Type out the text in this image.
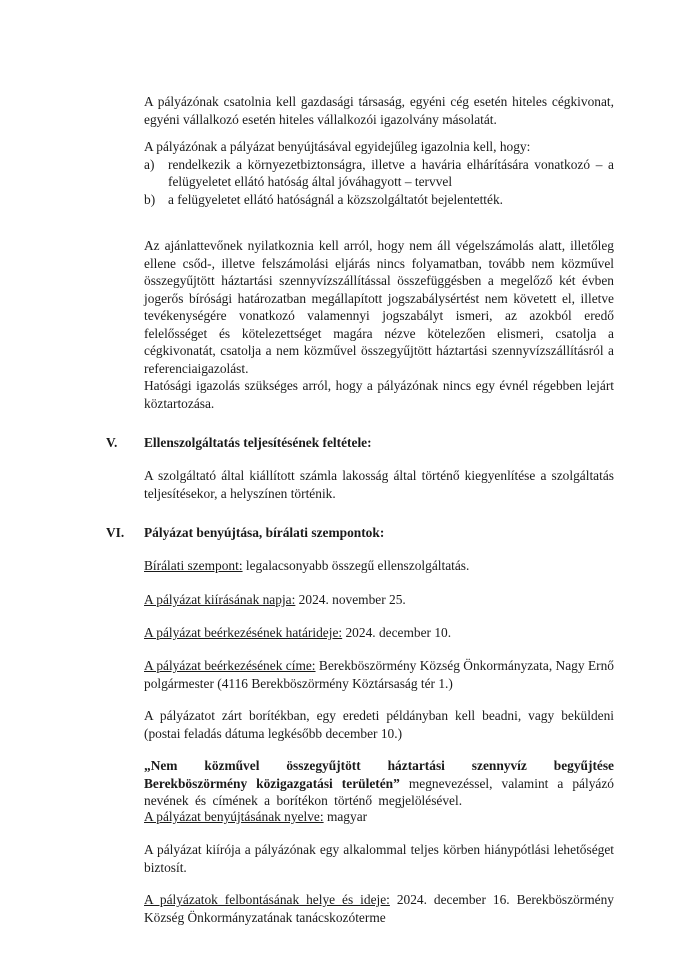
A pályázónak csatolnia kell gazdasági társaság, egyéni cég esetén hiteles cégkivonat, egyéni vállalkozó esetén hiteles vállalkozói igazolvány másolatát.

A pályázónak a pályázat benyújtásával egyidejűleg igazolnia kell, hogy:

a) rendelkezik a környezetbiztonságra, illetve a havária elhárítására vonatkozó – a felügyeletet ellátó hatóság által jóváhagyott – tervvel
b) a felügyeletet ellátó hatóságnál a közszolgáltatót bejelentették.

Az ajánlattevőnek nyilatkoznia kell arról, hogy nem áll végelszámolás alatt, illetőleg ellene csőd-, illetve felszámolási eljárás nincs folyamatban, tovább nem közművel összegyűjtött háztartási szennyvízszállítással összefüggésben a megelőző két évben jogerős bírósági határozatban megállapított jogszabálysértést nem követett el, illetve tevékenységére vonatkozó valamennyi jogszabályt ismeri, az azokból eredő felelősséget és kötelezettséget magára nézve kötelezően elismeri, csatolja a cégkivonatát, csatolja a nem közművel összegyűjtött háztartási szennyvízszállításról a referenciaigazolást.

Hatósági igazolás szükséges arról, hogy a pályázónak nincs egy évnél régebben lejárt köztartozása.

V. Ellenszolgáltatás teljesítésének feltétele:

A szolgáltató által kiállított számla lakosság által történő kiegyenlítése a szolgáltatás teljesítésekor, a helyszínen történik.

VI. Pályázat benyújtása, bírálati szempontok:

Bírálati szempont: legalacsonyabb összegű ellenszolgáltatás.

A pályázat kiírásának napja: 2024. november 25.

A pályázat beérkezésének határideje: 2024. december 10.

A pályázat beérkezésének címe: Berekböszörmény Község Önkormányzata, Nagy Ernő polgármester (4116 Berekböszörmény Köztársaság tér 1.)

A pályázatot zárt borítékban, egy eredeti példányban kell beadni, vagy beküldeni (postai feladás dátuma legkésőbb december 10.)

„Nem közművel összegyűjtött háztartási szennyvíz begyűjtése Berekböszörmény közigazgatási területén” megnevezéssel, valamint a pályázó nevének és címének a borítékon történő megjelölésével.

A pályázat benyújtásának nyelve: magyar

A pályázat kiírója a pályázónak egy alkalommal teljes körben hiánypótlási lehetőséget biztosít.

A pályázatok felbontásának helye és ideje: 2024. december 16. Berekböszörmény Község Önkormányzatának tanácskozóterme
